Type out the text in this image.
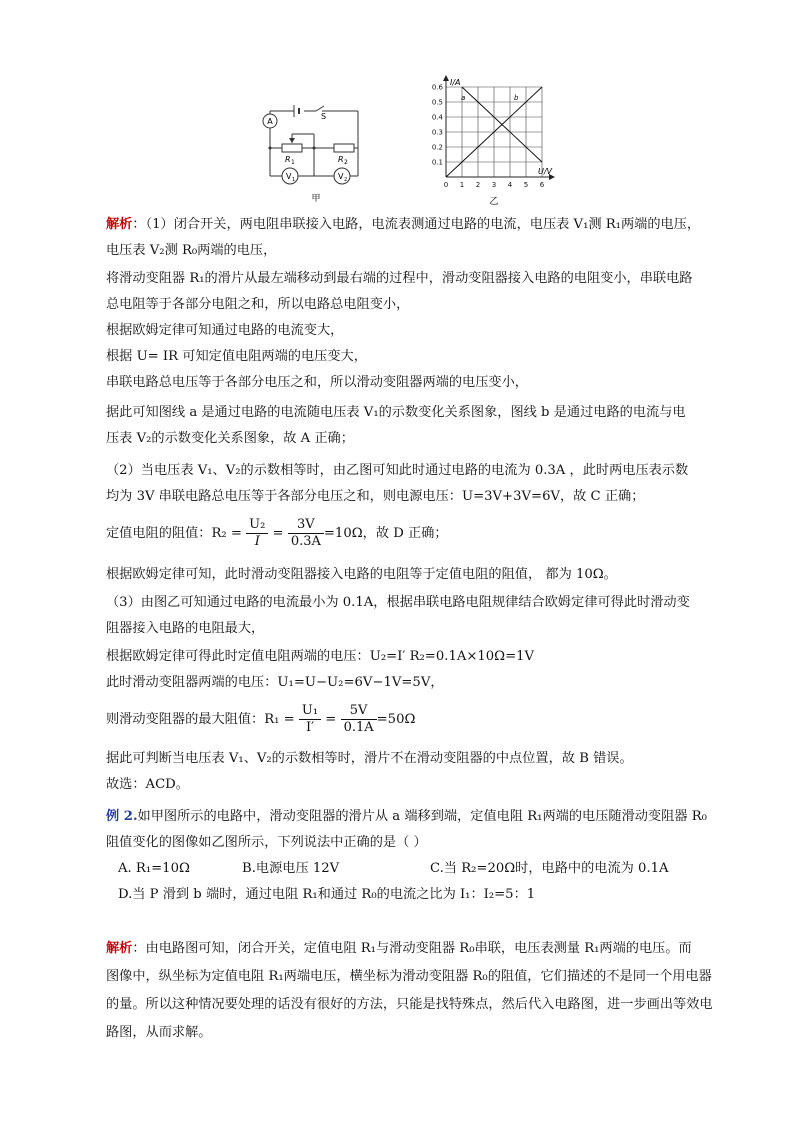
A
S
R 1	R 2
V 1	V 2
甲
0.6
0.5
0.4
0.3
0.2
0.1
0 1 2 3 4 5 6
I/A
U/V
a	b
乙
解析：（1）闭合开关，两电阻串联接入电路，电流表测通过电路的电流，电压表 V₁测 R₁两端的电压，
电压表 V₂测 R₀两端的电压，
将滑动变阻器 R₁的滑片从最左端移动到最右端的过程中，滑动变阻器接入电路的电阻变小，串联电路
总电阻等于各部分电阻之和，所以电路总电阻变小，
根据欧姆定律可知通过电路的电流变大，
根据 U= IR 可知定值电阻两端的电压变大，
串联电路总电压等于各部分电压之和，所以滑动变阻器两端的电压变小，
据此可知图线 a 是通过电路的电流随电压表 V₁的示数变化关系图象，图线 b 是通过电路的电流与电
压表 V₂的示数变化关系图象，故 A 正确；
（2）当电压表 V₁、V₂的示数相等时，由乙图可知此时通过电路的电流为 0.3A ，此时两电压表示数
均为 3V 串联电路总电压等于各部分电压之和，则电源电压：U=3V+3V=6V，故 C 正确；
定值电阻的阻值：$R_2 = \frac{\text{U₂}}{I} = \frac{3V}{0.3A} =10\Omega$，故 D 正确；
根据欧姆定律可知，此时滑动变阻器接入电路的电阻等于定值电阻的阻值， 都为 10Ω。
（3）由图乙可知通过电路的电流最小为 0.1A，根据串联电路电阻规律结合欧姆定律可得此时滑动变
阻器接入电路的电阻最大，
根据欧姆定律可得此时定值电阻两端的电压：U₂=I′ R₂=0.1A×10Ω=1V
此时滑动变阻器两端的电压：U₁=U−U₂=6V−1V=5V，
则滑动变阻器的最大阻值：$R_1 = \frac{\text{U₁}}{I'} = \frac{5V}{0.1A} =50\Omega$
据此可判断当电压表 V₁、V₂的示数相等时，滑片不在滑动变阻器的中点位置，故 B 错误。
故选：ACD。
例 2.如甲图所示的电路中，滑动变阻器的滑片从 a 端移到端，定值电阻 R₁两端的电压随滑动变阻器 R₀
阻值变化的图像如乙图所示，下列说法中正确的是（ ）
A. R₁=10Ω	B.电源电压 12V	C.当 R₂=20Ω时，电路中的电流为 0.1A
D.当 P 滑到 b 端时，通过电阻 R₁和通过 R₀的电流之比为 I₁：I₂=5：1
解析：由电路图可知，闭合开关，定值电阻 R₁与滑动变阻器 R₀串联，电压表测量 R₁两端的电压。而
图像中，纵坐标为定值电阻 R₁两端电压，横坐标为滑动变阻器 R₀的阻值，它们描述的不是同一个用电器
的量。所以这种情况要处理的话没有很好的方法，只能是找特殊点，然后代入电路图，进一步画出等效电
路图，从而求解。
